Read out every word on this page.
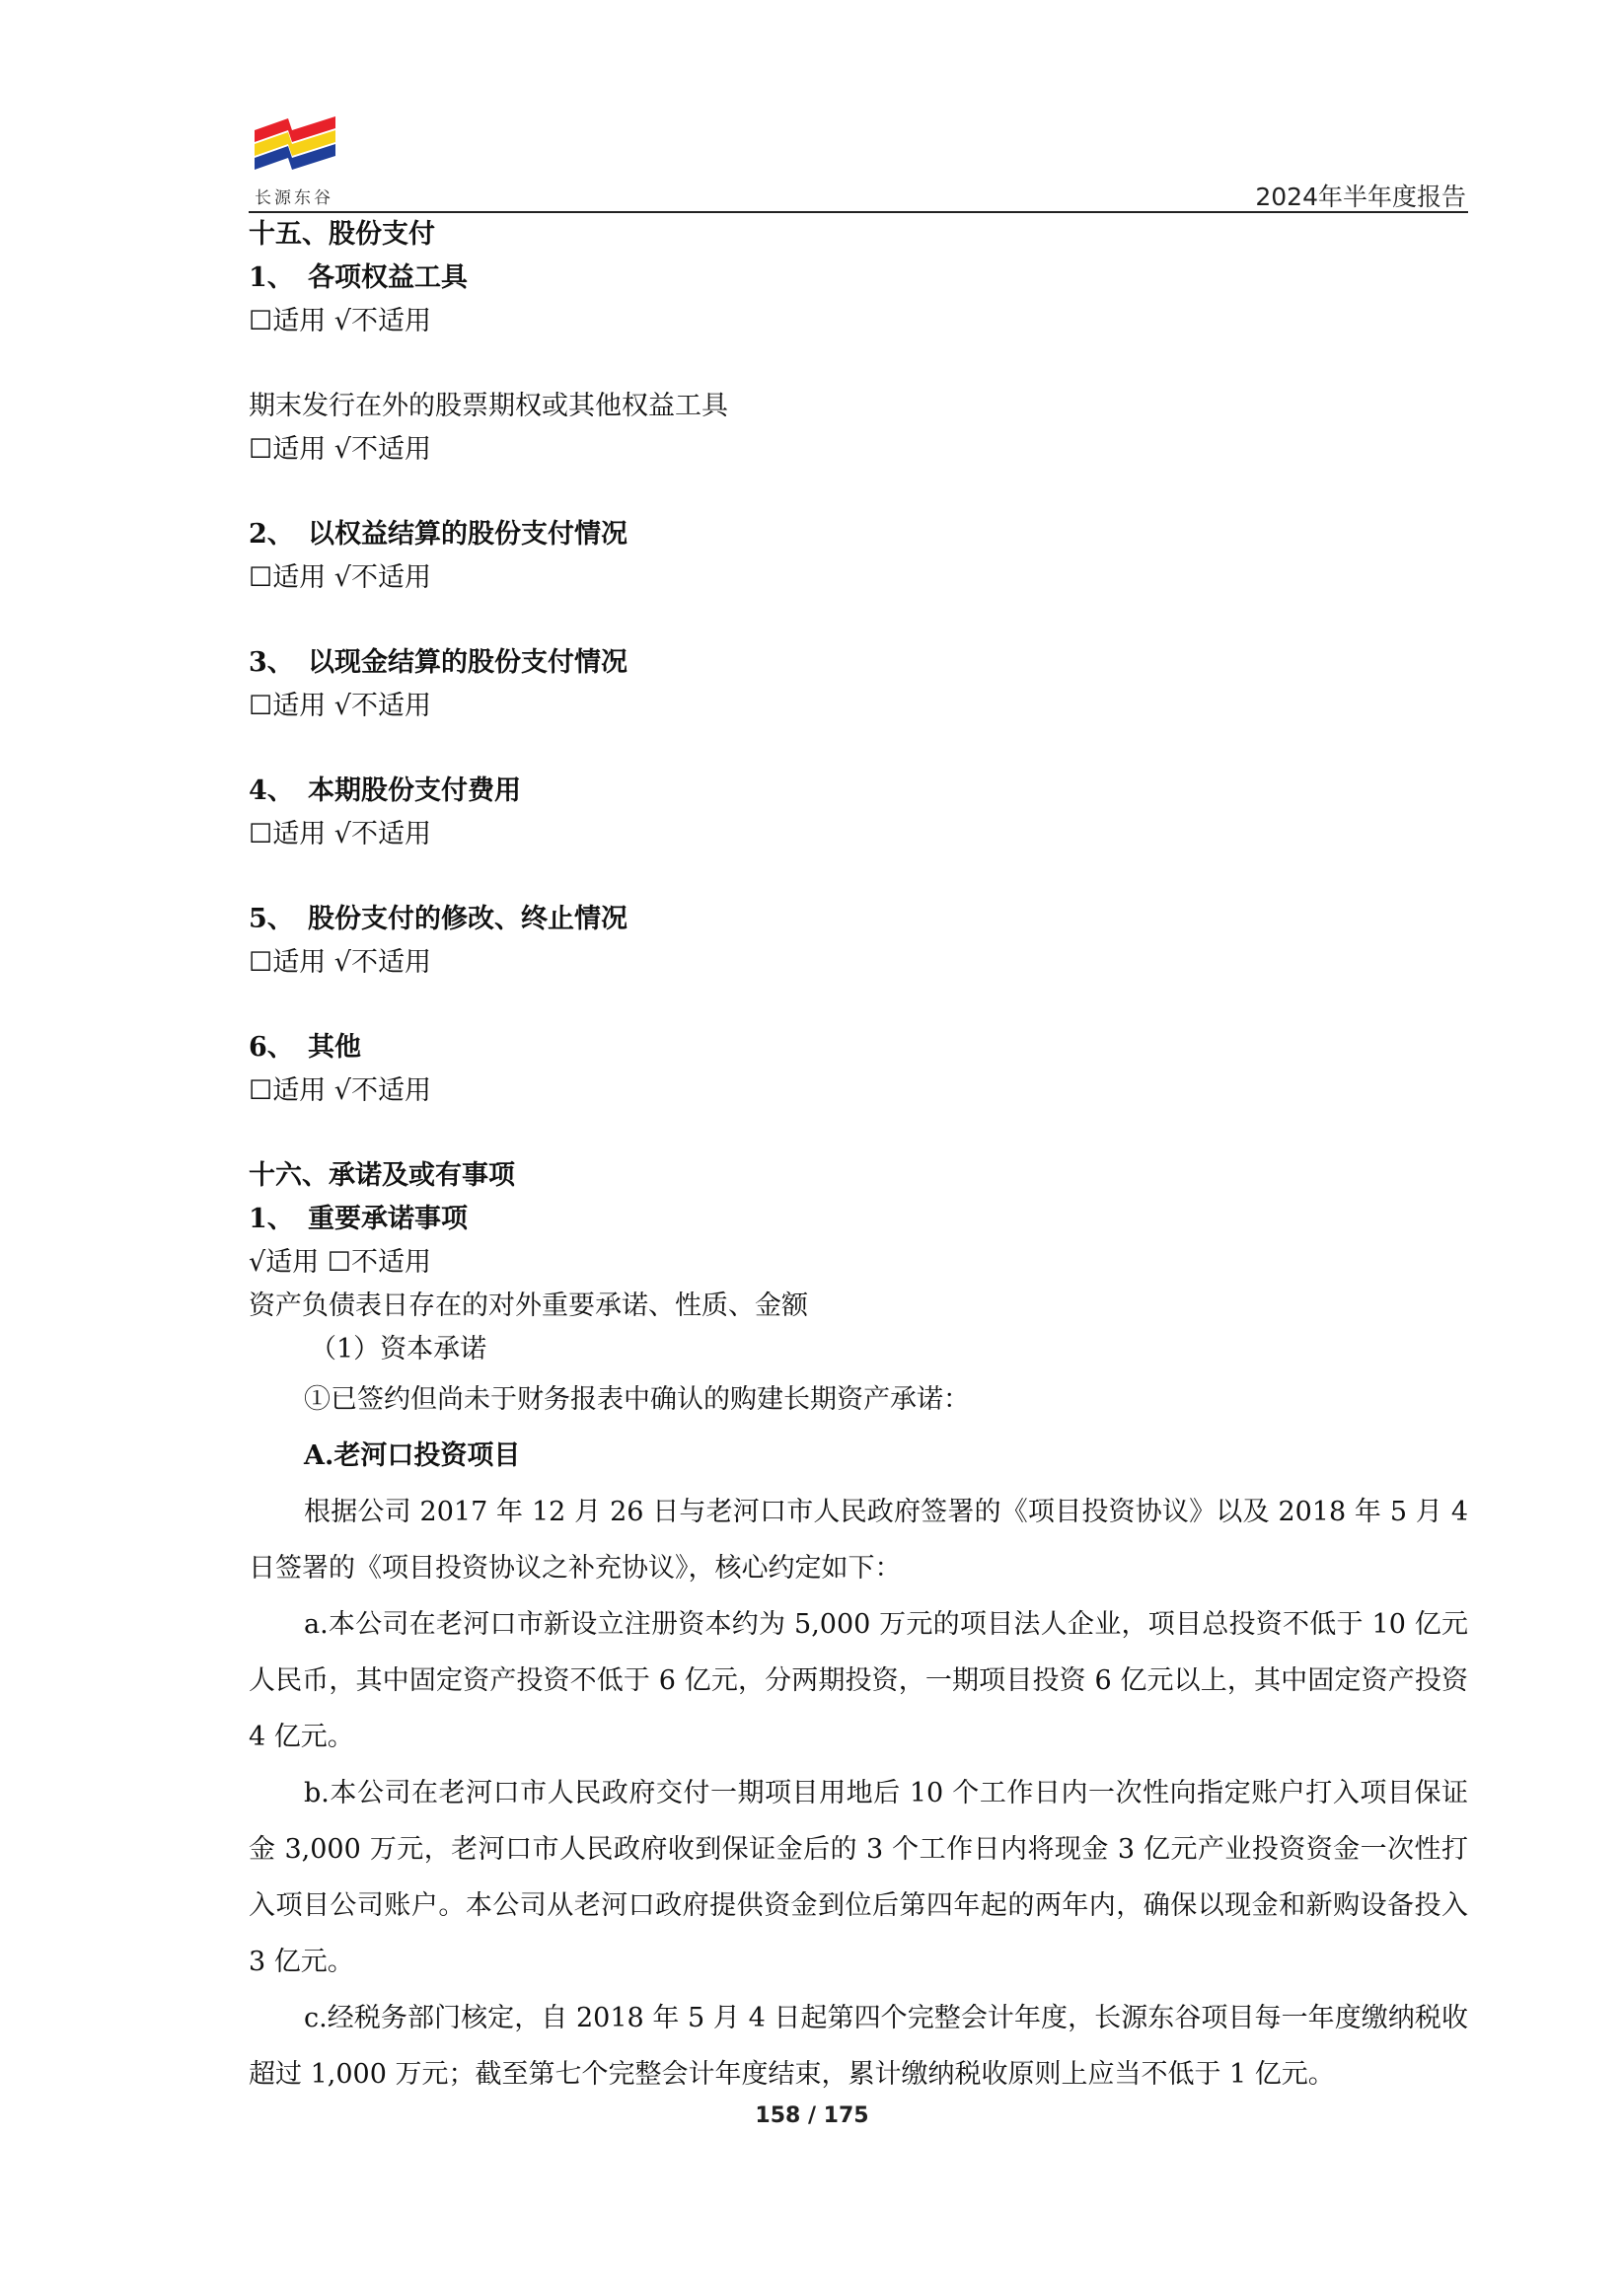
长源东谷	2024年半年度报告

十五、股份支付

1、 各项权益工具

☐适用 √不适用

期末发行在外的股票期权或其他权益工具

☐适用 √不适用

2、 以权益结算的股份支付情况

☐适用 √不适用

3、 以现金结算的股份支付情况

☐适用 √不适用

4、 本期股份支付费用

☐适用 √不适用

5、 股份支付的修改、终止情况

☐适用 √不适用

6、 其他

☐适用 √不适用

十六、承诺及或有事项

1、 重要承诺事项

√适用 ☐不适用

资产负债表日存在的对外重要承诺、性质、金额

（1）资本承诺

①已签约但尚未于财务报表中确认的购建长期资产承诺：
A.老河口投资项目

根据公司 2017 年 12 月 26 日与老河口市人民政府签署的《项目投资协议》以及 2018 年 5 月 4 日签署的《项目投资协议之补充协议》，核心约定如下：

a.本公司在老河口市新设立注册资本约为 5,000 万元的项目法人企业，项目总投资不低于 10 亿元人民币，其中固定资产投资不低于 6 亿元，分两期投资，一期项目投资 6 亿元以上，其中固定资产投资 4 亿元。

b.本公司在老河口市人民政府交付一期项目用地后 10 个工作日内一次性向指定账户打入项目保证金 3,000 万元，老河口市人民政府收到保证金后的 3 个工作日内将现金 3 亿元产业投资资金一次性打入项目公司账户。本公司从老河口政府提供资金到位后第四年起的两年内，确保以现金和新购设备投入 3 亿元。

c.经税务部门核定，自 2018 年 5 月 4 日起第四个完整会计年度，长源东谷项目每一年度缴纳税收超过 1,000 万元；截至第七个完整会计年度结束，累计缴纳税收原则上应当不低于 1 亿元。

158 / 175
